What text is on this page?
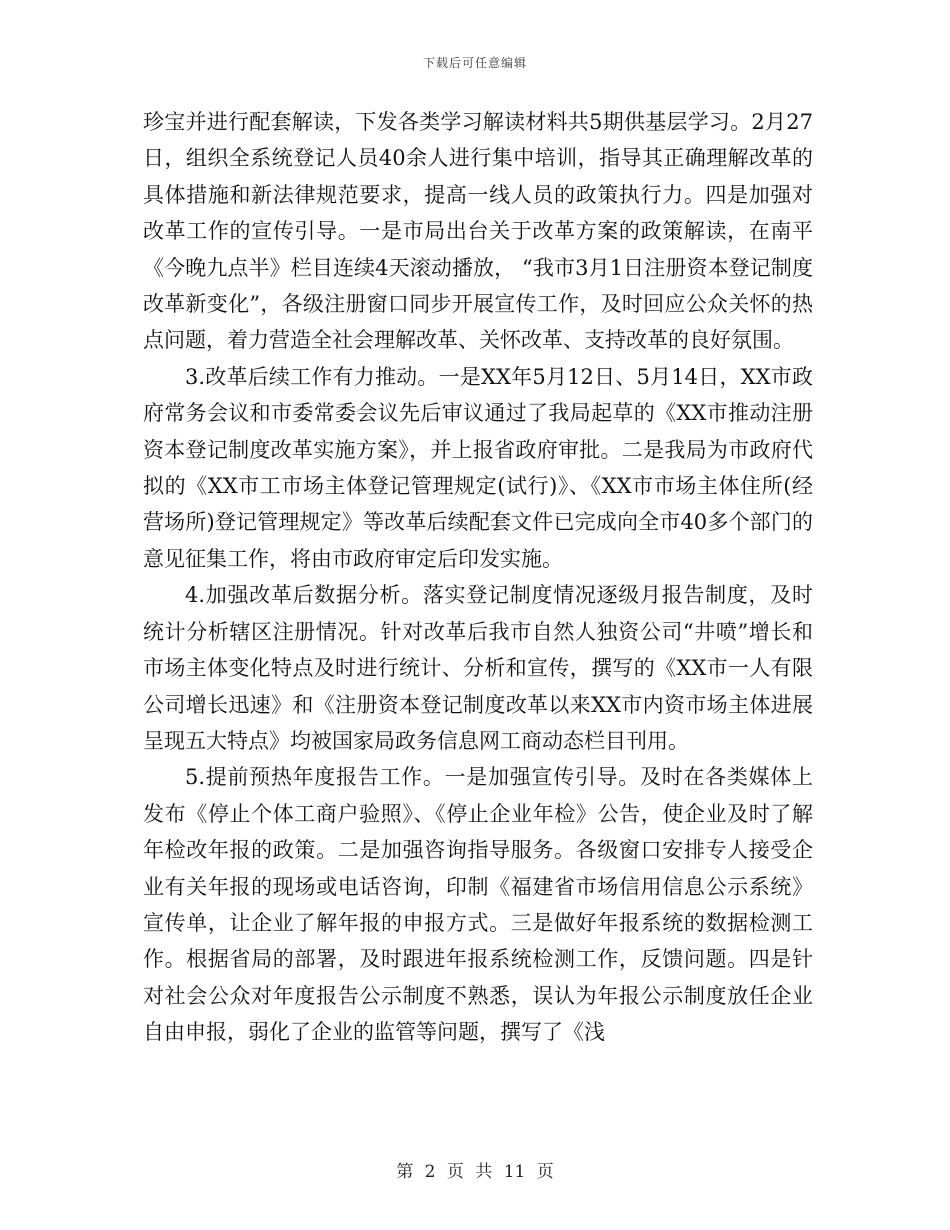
下载后可任意编辑

珍宝并进行配套解读，下发各类学习解读材料共5期供基层学习。2月27日，组织全系统登记人员40余人进行集中培训，指导其正确理解改革的具体措施和新法律规范要求，提高一线人员的政策执行力。四是加强对改革工作的宣传引导。一是市局出台关于改革方案的政策解读，在南平《今晚九点半》栏目连续4天滚动播放， “我市3月1日注册资本登记制度改革新变化”，各级注册窗口同步开展宣传工作，及时回应公众关怀的热点问题，着力营造全社会理解改革、关怀改革、支持改革的良好氛围。

3.改革后续工作有力推动。一是XX年5月12日、5月14日，XX市政府常务会议和市委常委会议先后审议通过了我局起草的《XX市推动注册资本登记制度改革实施方案》，并上报省政府审批。二是我局为市政府代拟的《XX市工市场主体登记管理规定(试行)》、《XX市市场主体住所(经营场所)登记管理规定》等改革后续配套文件已完成向全市40多个部门的意见征集工作，将由市政府审定后印发实施。

4.加强改革后数据分析。落实登记制度情况逐级月报告制度，及时统计分析辖区注册情况。针对改革后我市自然人独资公司“井喷”增长和市场主体变化特点及时进行统计、分析和宣传，撰写的《XX市一人有限公司增长迅速》和《注册资本登记制度改革以来XX市内资市场主体进展呈现五大特点》均被国家局政务信息网工商动态栏目刊用。

5.提前预热年度报告工作。一是加强宣传引导。及时在各类媒体上发布《停止个体工商户验照》、《停止企业年检》公告，使企业及时了解年检改年报的政策。二是加强咨询指导服务。各级窗口安排专人接受企业有关年报的现场或电话咨询，印制《福建省市场信用信息公示系统》宣传单，让企业了解年报的申报方式。三是做好年报系统的数据检测工作。根据省局的部署，及时跟进年报系统检测工作，反馈问题。四是针对社会公众对年度报告公示制度不熟悉，误认为年报公示制度放任企业自由申报，弱化了企业的监管等问题，撰写了《浅

第 2 页 共 11 页
